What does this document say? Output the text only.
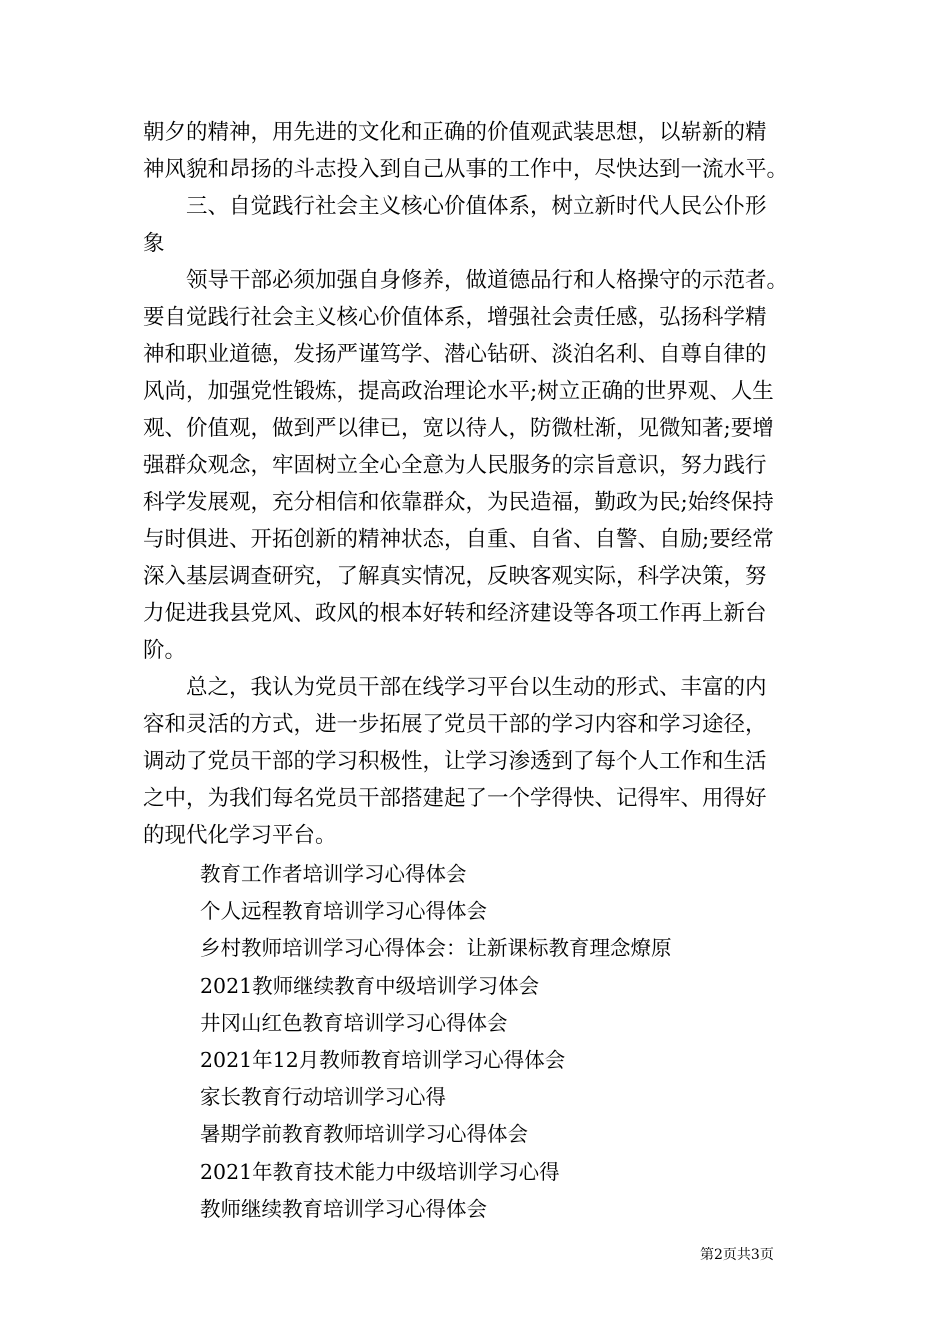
朝夕的精神，用先进的文化和正确的价值观武装思想，以崭新的精
神风貌和昂扬的斗志投入到自己从事的工作中，尽快达到一流水平。
三、自觉践行社会主义核心价值体系，树立新时代人民公仆形
象
领导干部必须加强自身修养，做道德品行和人格操守的示范者。
要自觉践行社会主义核心价值体系，增强社会责任感，弘扬科学精
神和职业道德，发扬严谨笃学、潜心钻研、淡泊名利、自尊自律的
风尚，加强党性锻炼，提高政治理论水平;树立正确的世界观、人生
观、价值观，做到严以律已，宽以待人，防微杜渐，见微知著;要增
强群众观念，牢固树立全心全意为人民服务的宗旨意识，努力践行
科学发展观，充分相信和依靠群众，为民造福，勤政为民;始终保持
与时俱进、开拓创新的精神状态，自重、自省、自警、自励;要经常
深入基层调查研究，了解真实情况，反映客观实际，科学决策，努
力促进我县党风、政风的根本好转和经济建设等各项工作再上新台
阶。
总之，我认为党员干部在线学习平台以生动的形式、丰富的内
容和灵活的方式，进一步拓展了党员干部的学习内容和学习途径，
调动了党员干部的学习积极性，让学习渗透到了每个人工作和生活
之中，为我们每名党员干部搭建起了一个学得快、记得牢、用得好
的现代化学习平台。
教育工作者培训学习心得体会
个人远程教育培训学习心得体会
乡村教师培训学习心得体会：让新课标教育理念燎原
2021教师继续教育中级培训学习体会
井冈山红色教育培训学习心得体会
2021年12月教师教育培训学习心得体会
家长教育行动培训学习心得
暑期学前教育教师培训学习心得体会
2021年教育技术能力中级培训学习心得
教师继续教育培训学习心得体会
第2页共3页
